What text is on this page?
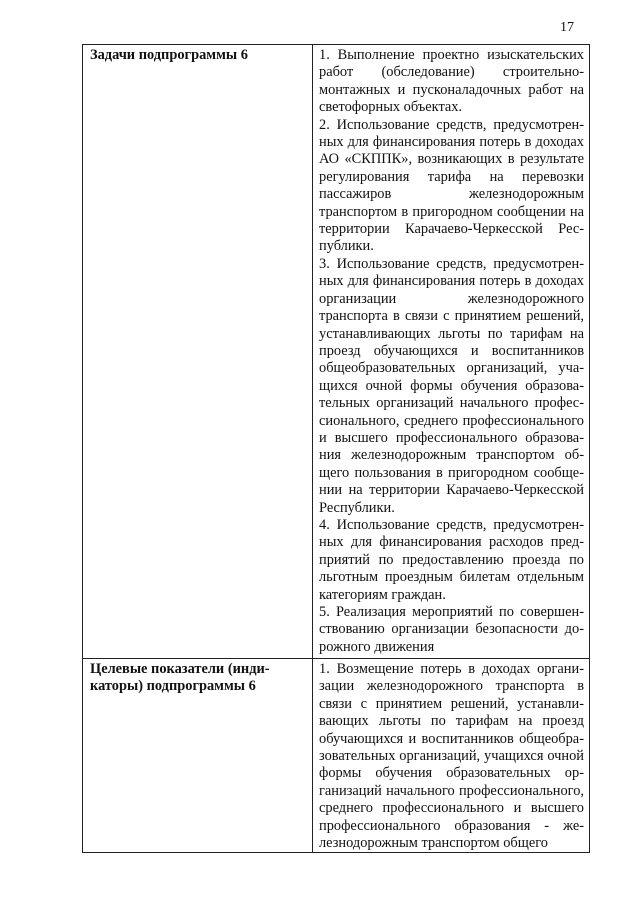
17
Задачи подпрограммы 6	1. Выполнение проектно изыскательских работ (обследование) строительно-монтажных и пусконаладочных работ на светофорных объектах.
2. Использование средств, предусмотренных для финансирования потерь в доходах АО «СКППК», возникающих в результате регулирования тарифа на перевозки пассажиров железнодорожным транспортом в пригородном сообщении на территории Карачаево-Черкесской Республики.
3. Использование средств, предусмотренных для финансирования потерь в доходах организации железнодорожного транспорта в связи с принятием решений, устанавливающих льготы по тарифам на проезд обучающихся и воспитанников общеобразовательных организаций, учащихся очной формы обучения образовательных организаций начального профессионального, среднего профессионального и высшего профессионального образования железнодорожным транспортом общего пользования в пригородном сообщении на территории Карачаево-Черкесской Республики.
4. Использование средств, предусмотренных для финансирования расходов предприятий по предоставлению проезда по льготным проездным билетам отдельным категориям граждан.
5. Реализация мероприятий по совершенствованию организации безопасности дорожного движения

Целевые показатели (индикаторы) подпрограммы 6	1. Возмещение потерь в доходах организации железнодорожного транспорта в связи с принятием решений, устанавливающих льготы по тарифам на проезд обучающихся и воспитанников общеобразовательных организаций, учащихся очной формы обучения образовательных организаций начального профессионального, среднего профессионального и высшего профессионального образования - железнодорожным транспортом общего
